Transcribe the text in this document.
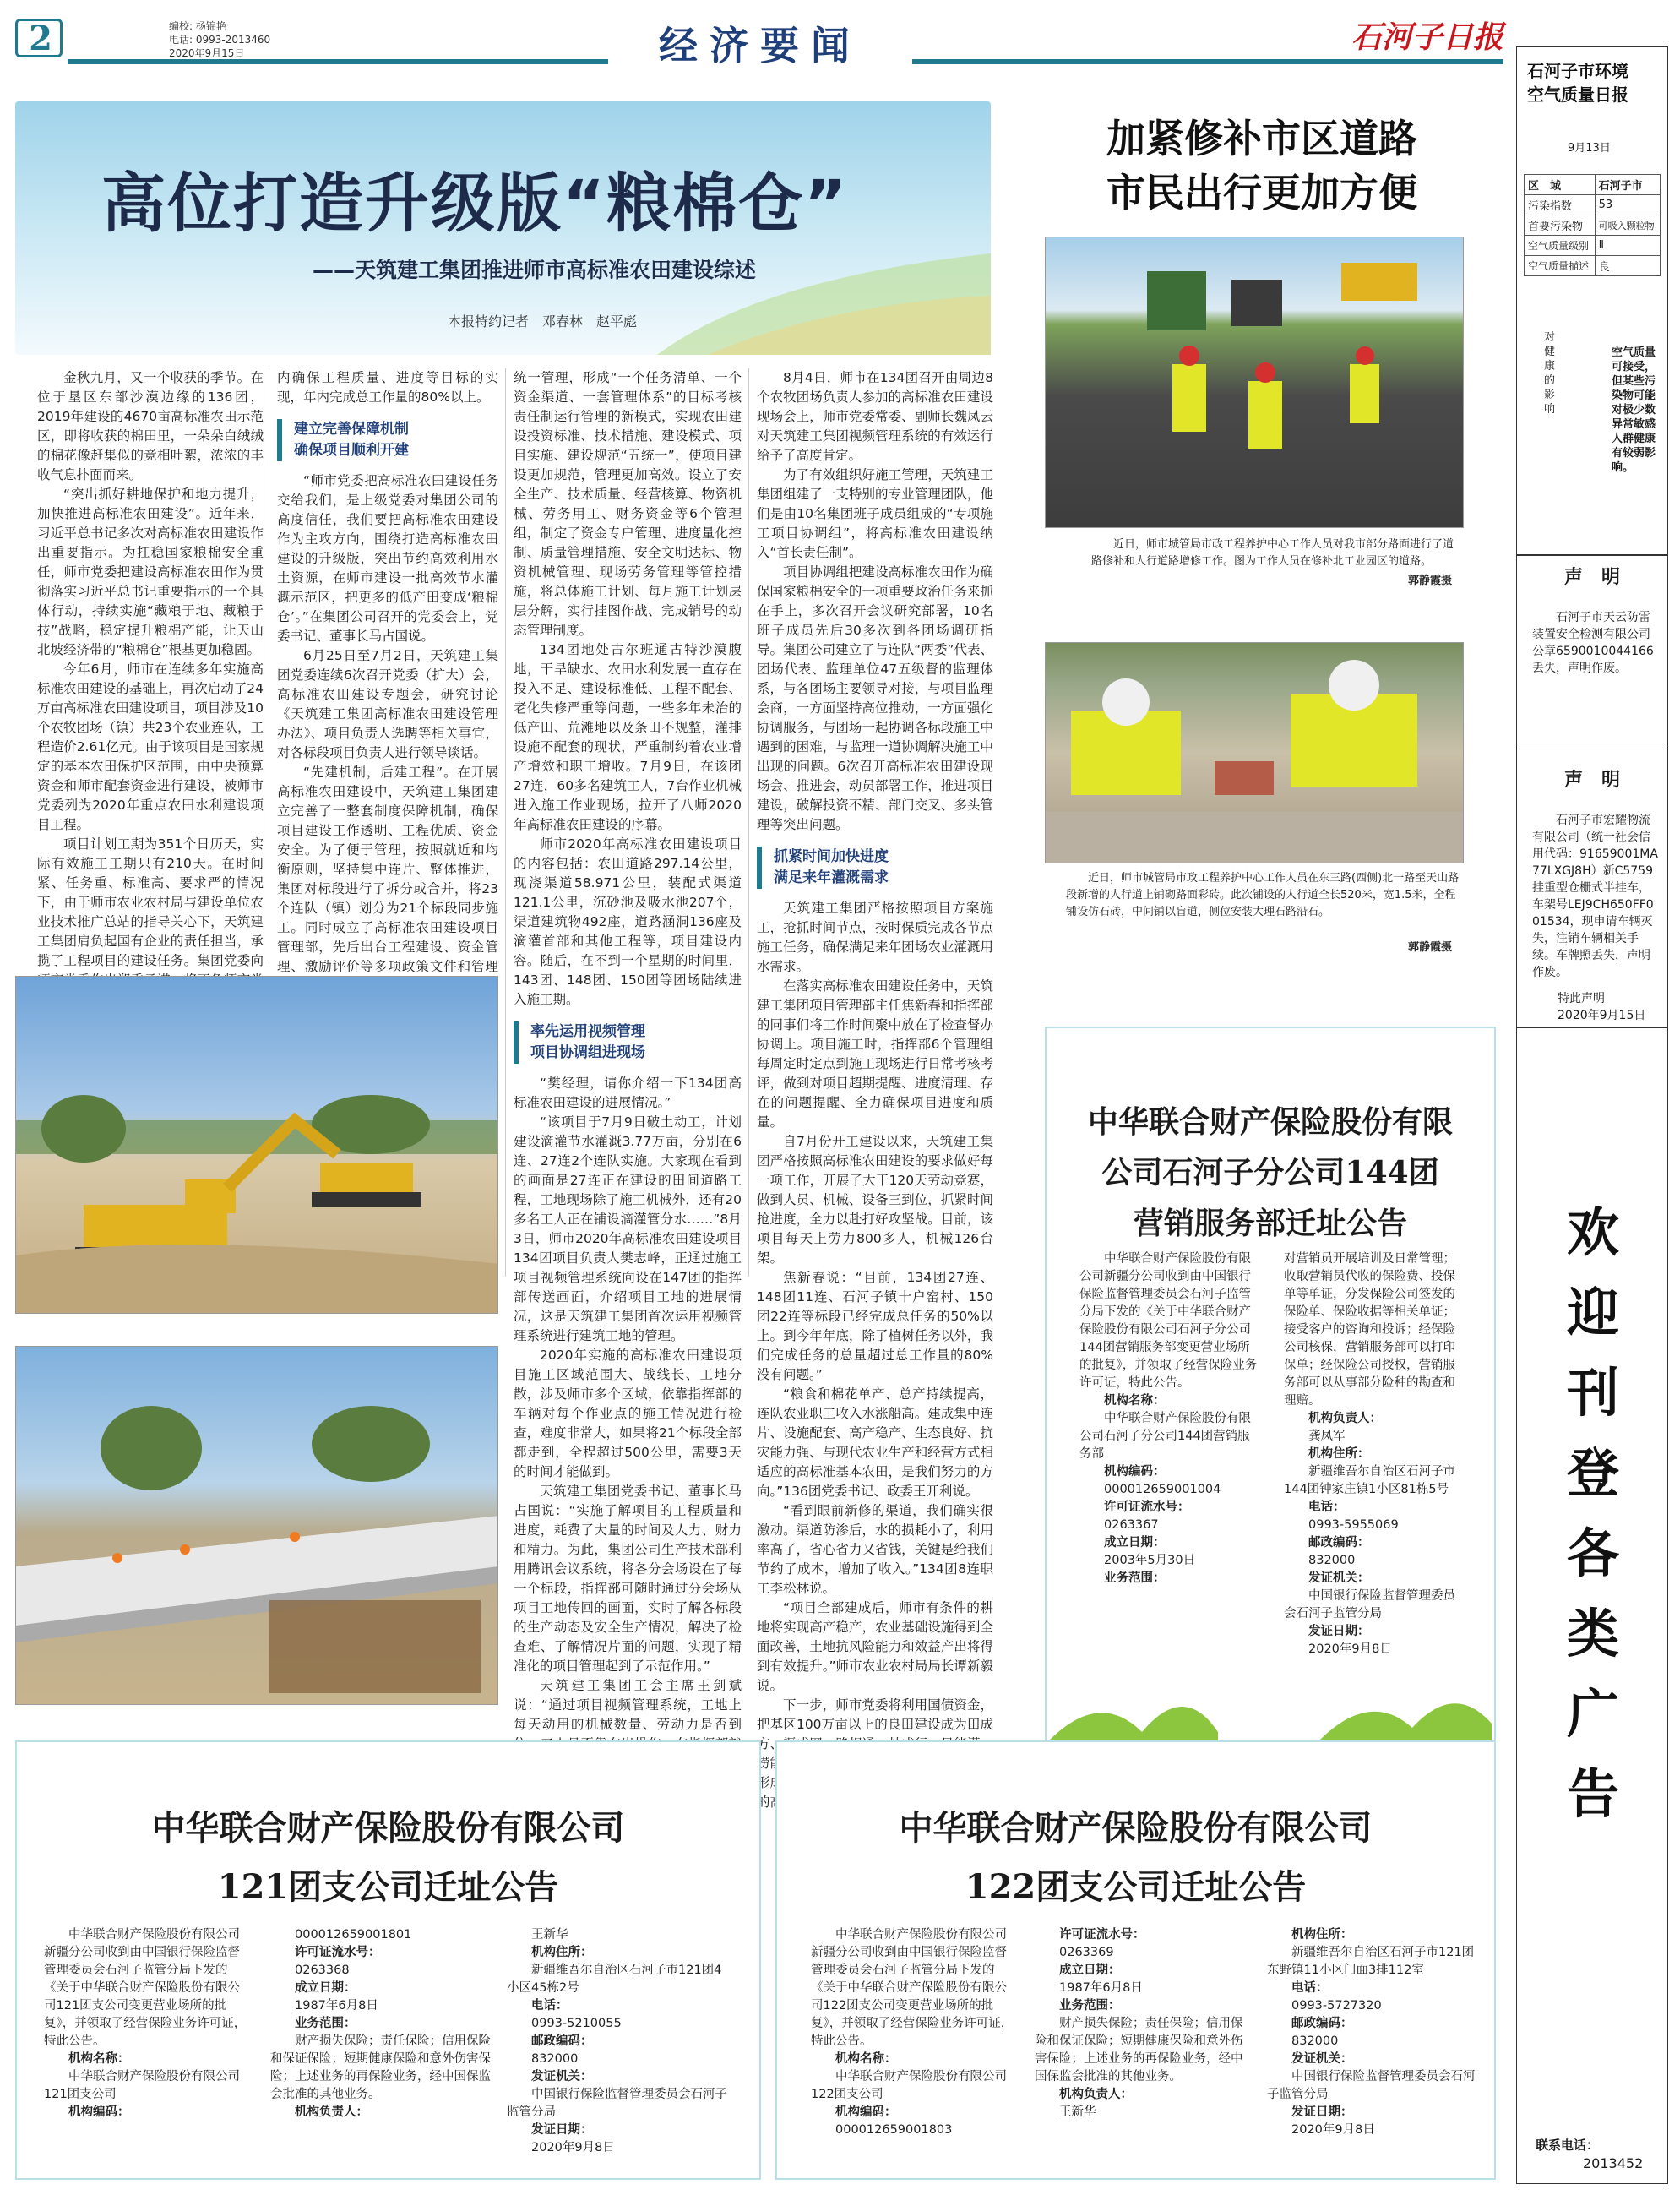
2	编校: 杨锦艳
电话: 0993-2013460
2020年9月15日	经济要闻	石河子日报
高位打造升级版“粮棉仓”
——天筑建工集团推进师市高标准农田建设综述
本报特约记者　邓春林　赵平彪

金秋九月，又一个收获的季节。在位于垦区东部沙漠边缘的136团，2019年建设的4670亩高标准农田示范区，即将收获的棉田里，一朵朵白绒绒的棉花像赶集似的竞相吐絮，浓浓的丰收气息扑面而来。

“突出抓好耕地保护和地力提升，加快推进高标准农田建设”。近年来，习近平总书记多次对高标准农田建设作出重要指示。为扛稳国家粮棉安全重任，师市党委把建设高标准农田作为贯彻落实习近平总书记重要指示的一个具体行动，持续实施“藏粮于地、藏粮于技”战略，稳定提升粮棉产能，让天山北坡经济带的“粮棉仓”根基更加稳固。

今年6月，师市在连续多年实施高标准农田建设的基础上，再次启动了24万亩高标准农田建设项目，项目涉及10个农牧团场（镇）共23个农业连队，工程造价2.61亿元。由于该项目是国家规定的基本农田保护区范围，由中央预算资金和师市配套资金进行建设，被师市党委列为2020年重点农田水利建设项目工程。

项目计划工期为351个日历天，实际有效施工工期只有210天。在时间紧、任务重、标准高、要求严的情况下，由于师市农业农村局与建设单位农业技术推广总站的指导关心下，天筑建工集团肩负起国有企业的责任担当，承揽了工程项目的建设任务。集团党委向

内确保工程质量、进度等目标的实现，年内完成总工作量的80%以上。

建立完善保障机制
确保项目顺利开建

“师市党委把高标准农田建设任务交给我们，是上级党委对集团公司的高度信任，我们要把高标准农田建设作为主攻方向，围绕打造高标准农田建设的升级版，突出节约高效利用水土资源，在师市建设一批高效节水灌溉示范区，把更多的低产田变成‘粮棉仓’。”在集团公司召开的党委会上，党委书记、董事长马占国说。

6月25日至7月2日，天筑建工集团党委连续6次召开党委（扩大）会，高标准农田建设专题会，研究讨论《天筑建工集团高标准农田建设管理办法》、项目负责人选聘等相关事宜，对各标段项目负责人进行领导谈话。

“先建机制，后建工程”。在开展高标准农田建设中，天筑建工集团建立完善了一整套制度保障机制，确保项目建设工作透明、工程优质、资金安全。为了便于管理，按照就近和均衡原则，坚持集中连片、整体推进，集团对标段进行了拆分或合并，将23个连队（镇）划分为21个标段同步施工。同时成立了高标准农田建设项目管理部，先后出台工程建设、资金管理、激励评价等多项政策文件和管理

统一管理，形成“一个任务清单、一个资金渠道、一套管理体系”的目标考核责任制运行管理的新模式，实现农田建设投资标准、技术措施、建设模式、项目实施、建设规范“五统一”，使项目建设更加规范，管理更加高效。设立了安全生产、技术质量、经营核算、物资机械、劳务用工、财务资金等6个管理组，制定了资金专户管理、进度量化控制、质量管理措施、安全文明达标、物资机械管理、现场劳务管理等管控措施，将总体施工计划、每月施工计划层层分解，实行挂图作战、完成销号的动态管理制度。

134团地处古尔班通古特沙漠腹地，干旱缺水、农田水利发展一直存在投入不足、建设标准低、工程不配套、老化失修严重等问题，一些多年未治的低产田、荒滩地以及条田不规整，灌排设施不配套的现状，严重制约着农业增产增效和职工增收。7月9日，在该团27连，60多名建筑工人，7台作业机械进入施工作业现场，拉开了八师2020年高标准农田建设的序幕。

师市2020年高标准农田建设项目的内容包括：农田道路297.14公里，现浇渠道58.971公里，装配式渠道121.1公里，沉砂池及吸水池207个，渠道建筑物492座，道路涵洞136座及滴灌首部和其他工程等，项目建设内容。随后，在不到一个星期的时间里，143团、148团、150团等团场陆续进入施工期。

率先运用视频管理
项目协调组进现场

“樊经理，请你介绍一下134团高标准农田建设的进展情况。”

“该项目于7月9日破土动工，计划建设滴灌节水灌溉3.77万亩，分别在6连、27连2个连队实施。大家现在看到的画面是27连正在建设的田间道路工程，工地现场除了施工机械外，还有20多名工人正在铺设滴灌管分水……”8月3日，师市2020年高标准农田建设项目134团项目负责人樊志峰，正通过施工项目视频管理系统向设在147团的指挥部传送画面，介绍项目工地的进展情况，这是天筑建工集团首次运用视频管理系统进行建筑工地的管理。

2020年实施的高标准农田建设项目施工区域范围大、战线长、工地分散，涉及师市多个区域，依靠指挥部的车辆对每个作业点的施工情况进行检查，难度非常大，如果将21个标段全部都走到，全程超过500公里，需要3天的时间才能做到。

天筑建工集团党委书记、董事长马占国说：“实施了解项目的工程质量和进度，耗费了大量的时间及人力、财力和精力。为此，集团公司生产技术部利用腾讯会议系统，将各分会场设在了每一个标段，指挥部可随时通过分会场从项目工地传回的画面，实时了解各标段的生产动态及安全生产情况，解决了检查难、了解情况片面的问题，实现了精准化的项目管理起到了示范作用。”

天筑建工集团工会主席王剑斌说：“通过项目视频管理系统，工地上每天动用的机械数量、劳动力是否到

8月4日，师市在134团召开由周边8个农牧团场负责人参加的高标准农田建设现场会上，师市党委常委、副师长魏凤云对天筑建工集团视频管理系统的有效运行给予了高度肯定。

为了有效组织好施工管理，天筑建工集团组建了一支特别的专业管理团队，他们是由10名集团班子成员组成的“专项施工项目协调组”，将高标准农田建设纳入“首长责任制”。

项目协调组把建设高标准农田作为确保国家粮棉安全的一项重要政治任务来抓在手上，多次召开会议研究部署，10名班子成员先后30多次到各团场调研指导。集团公司建立了与连队“两委”代表、团场代表、监理单位47五级督的监理体系，与各团场主要领导对接，与项目监理会商，一方面坚持高位推动，一方面强化协调服务，与团场一起协调各标段施工中遇到的困难，与监理一道协调解决施工中出现的问题。6次召开高标准农田建设现场会、推进会，动员部署工作，推进项目建设，破解投资不精、部门交叉、多头管理等突出问题。

抓紧时间加快进度
满足来年灌溉需求

天筑建工集团严格按照项目方案施工，抢抓时间节点，按时保质完成各节点施工任务，确保满足来年团场农业灌溉用水需求。

在落实高标准农田建设任务中，天筑建工集团项目管理部主任焦新春和指挥部的同事们将工作时间聚中放在了检查督办协调上。项目施工时，指挥部6个管理组每周定时定点到施工现场进行日常考核考评，做到对项目超期提醒、进度清理、存在的问题提醒、全力确保项目进度和质量。

自7月份开工建设以来，天筑建工集团严格按照高标准农田建设的要求做好每一项工作，开展了大干120天劳动竞赛，做到人员、机械、设备三到位，抓紧时间抢进度，全力以赴打好攻坚战。目前，该项目每天上劳力800多人，机械126台架。

焦新春说：“目前，134团27连、148团11连、石河子镇十户窑村、150团22连等标段已经完成总任务的50%以上。到今年年底，除了植树任务以外，我们完成任务的总量超过总工作量的80%没有问题。”

“粮食和棉花单产、总产持续提高，连队农业职工收入水涨船高。建成集中连片、设施配套、高产稳产、生态良好、抗灾能力强、与现代农业生产和经营方式相适应的高标准基本农田，是我们努力的方向。”136团党委书记、政委王开利说。

“看到眼前新修的渠道，我们确实很激动。渠道防渗后，水的损耗小了，利用率高了，省心省力又省钱，关键是给我们节约了成本，增加了收入。”134团8连职工李松林说。

“项目全部建成后，师市有条件的耕地将实现高产稳产，农业基础设施得到全面改善，土地抗风险能力和效益产出将得到有效提升。”师市农业农村局局长谭新毅说。

下一步，师市党委将利用国债资金，把基区100万亩以上的良田建设成为田成方、 涝 形 的

加紧修补市区道路
市民出行更加方便
近日，师市城管局市政工程养护中心工作人员对我市部分路面进行了道路修补和人行道路增修工作。图为工作人员在修补北工业园区的道路。
郭静霞摄
近日，师市城管局市政工程养护中心工作人员在东三路(西侧)北一路至天山路段新增的人行道上铺砌路面彩砖。此次铺设的人行道全长520米，宽1.5米，全程铺设仿石砖，中间铺以盲道，侧位安装大理石路沿石。
郭静霞摄
中华联合财产保险股份有限
公司石河子分公司144团
营销服务部迁址公告
中华联合财产保险股份有限公司新疆分公司收到由中国银行保险监督管理委员会石河子监管分局下发的《关于中华联合财产保险股份有限公司石河子分公司144团营销服务部变更营业场所的批复》，并领取了经营保险业务许可证，特此公告。
机构名称：
中华联合财产保险股份有限公司石河子分公司144团营销服务部
机构编码：
000012659001004
许可证流水号：
0263367
成立日期：
2003年5月30日
业务范围：
对营销员开展培训及日常管理；收取营销员代收的保险费、投保单等单证，分发保险公司签发的保险单、保险收据等相关单证；接受客户的咨询和投诉；经保险公司核保，营销服务部可以打印保单；经保险公司授权，营销服务部可以从事部分险种的勘查和理赔。
机构负责人：
龚凤军
机构住所：
新疆维吾尔自治区石河子市144团钟家庄镇1小区81栋5号
电话：
0993-5955069
邮政编码：
832000
发证机关：
中国银行保险监督管理委员会石河子监管分局
发证日期：
2020年9月8日
中华联合财产保险股份有限公司
121团支公司迁址公告
中华联合财产保险股份有限公司新疆分公司收到由中国银行保险监督管理委员会石河子监管分局下发的《关于中华联合财产保险股份有限公司121团支公司变更营业场所的批复》，并领取了经营保险业务许可证，特此公告。
机构名称：
中华联合财产保险股份有限公司121团支公司
机构编码：
000012659001801
许可证流水号：
0263368
成立日期：
1987年6月8日
业务范围：
财产损失保险；责任保险；信用保险和保证保险；短期健康保险和意外伤害保险；上述业务的再保险业务，经中国保监会批准的其他业务。
机构负责人：
王新华
机构住所：
新疆维吾尔自治区石河子市121团4小区45栋2号
电话：
0993-5210055
邮政编码：
832000
发证机关：
中国银行保险监督管理委员会石河子监管分局
发证日期：
2020年9月8日
中华联合财产保险股份有限公司
122团支公司迁址公告
中华联合财产保险股份有限公司新疆分公司收到由中国银行保险监督管理委员会石河子监管分局下发的《关于中华联合财产保险股份有限公司122团支公司变更营业场所的批复》，并领取了经营保险业务许可证，特此公告。
机构名称：
中华联合财产保险股份有限公司122团支公司
机构编码：
000012659001803
许可证流水号：
0263369
成立日期：
1987年6月8日
业务范围：
财产损失保险；责任保险；信用保险和保证保险；短期健康保险和意外伤害保险；上述业务的再保险业务，经中国保监会批准的其他业务。
机构负责人：
王新华
机构住所：
新疆维吾尔自治区石河子市121团东野镇11小区门面3排112室
电话：
0993-5727320
邮政编码：
832000
发证机关：
中国银行保险监督管理委员会石河子监管分局
发证日期：
2020年9月8日
石河子市环境
空气质量日报
9月13日
区　域	石河子市
污染指数	53
首要污染物	可吸入颗粒物
空气质量级别	Ⅱ
空气质量描述	良
对健康的影响
空气质量可接受，但某些污染物可能对极少数异常敏感人群健康有较弱影响。
声　明
石河子市天云防雷装置安全检测有限公司公章6590010044166丢失，声明作废。
声　明
石河子市宏耀物流有限公司（统一社会信用代码：91659001MA77LXGJ8H）新C5759挂重型仓栅式半挂车，车架号LEJ9CH650FF001534，现申请车辆灭失，注销车辆相关手续。车牌照丢失，声明作废。
特此声明
2020年9月15日
欢迎刊登各类广告
联系电话：
2013452
